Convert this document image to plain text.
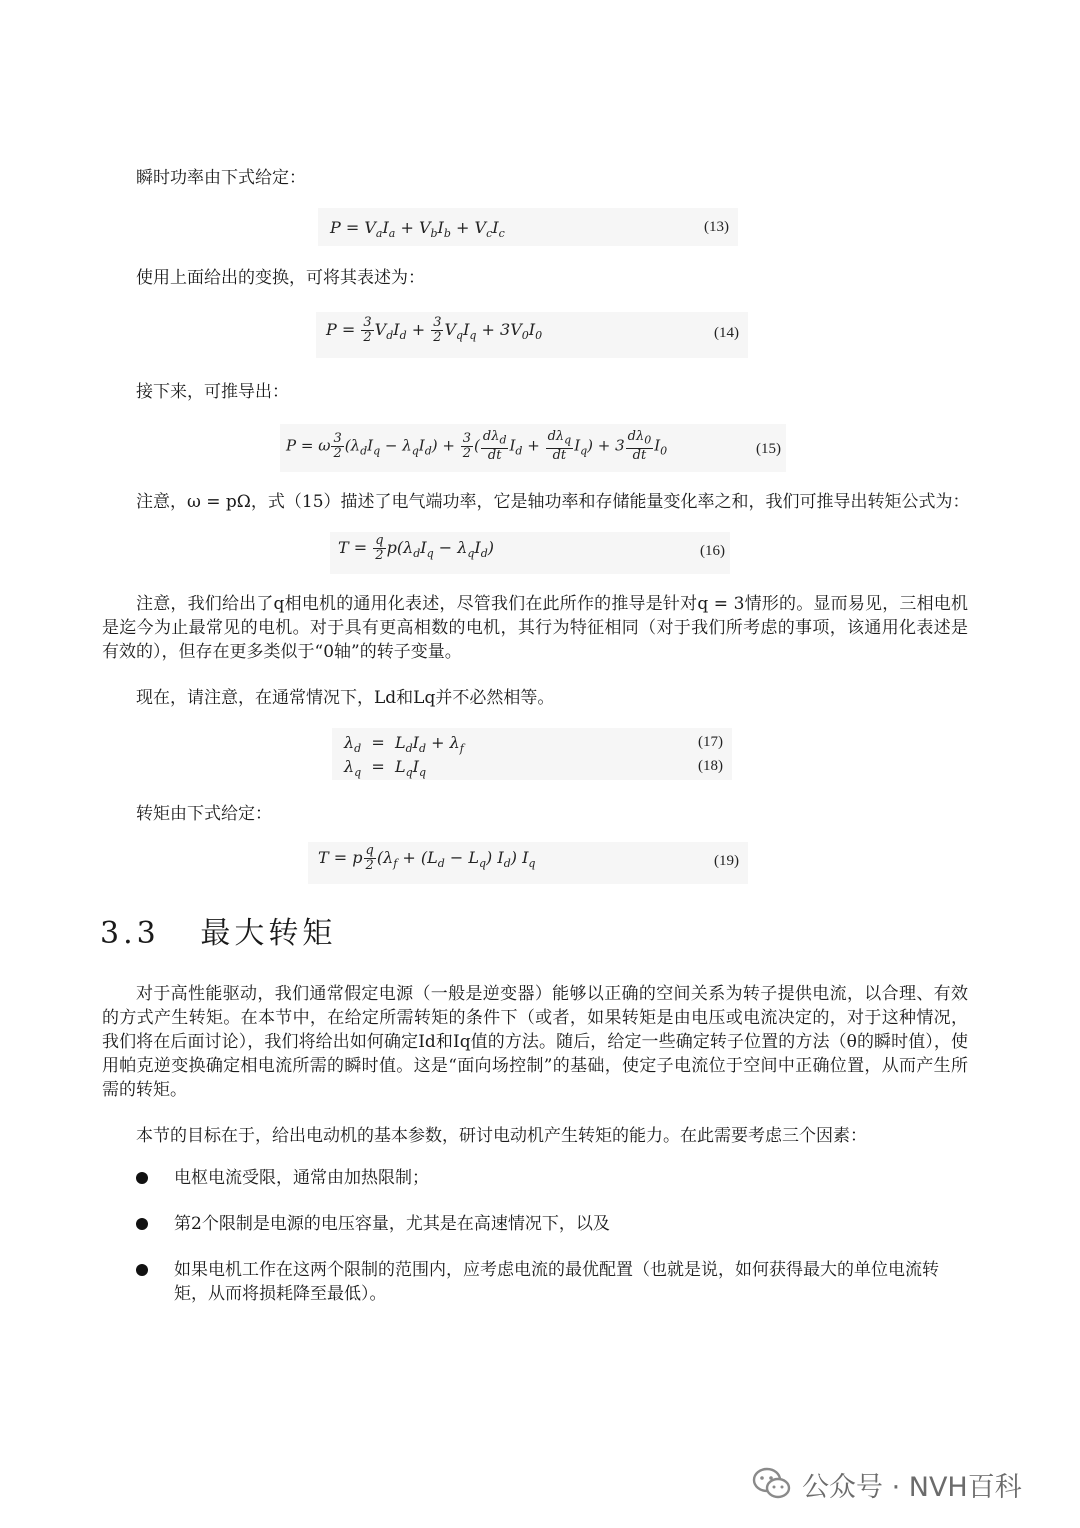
瞬时功率由下式给定：

$P = V_aI_a + V_bI_b + V_cI_c$	(13)

使用上面给出的变换，可将其表述为：

$P = \frac{3}{2} V_dI_d + \frac{3}{2} V_qI_q + 3V_0I_0$	(14)

接下来，可推导出：

P = ω $\frac{3}{2} (\lambda_dI_q - \lambda_qI_d) + \frac{3}{2}$ ( $\frac{d\lambda_d}{dt} I_d + \frac{d\lambda_q}{dt} I_q) + 3 \frac{d\lambda_0}{dt} I_0$	(15)

注意，ω = pΩ，式（15）描述了电气端功率，它是轴功率和存储能量变化率之和，我们可推导出转矩公式为：

$T = \frac{q}{2} p(\lambda_dI_q - \lambda_qI_d)$	(16)

注意，我们给出了q相电机的通用化表述，尽管我们在此所作的推导是针对q = 3情形的。显而易见，三相电机是迄今为止最常见的电机。对于具有更高相数的电机，其行为特征相同（对于我们所考虑的事项，该通用化表述是有效的），但存在更多类似于“0轴”的转子变量。

现在，请注意，在通常情况下，Ld和Lq并不必然相等。

$\lambda_d = L_dI_d + \lambda_f$	(17)
$\lambda_q = L_qI_q$	(18)

转矩由下式给定：

T = p $\frac{q}{2} (\lambda_f + (L_d - L_q)$ $I_d$) $I_q$	(19)
3.3 最大转矩

对于高性能驱动，我们通常假定电源（一般是逆变器）能够以正确的空间关系为转子提供电流，以合理、有效的方式产生转矩。在本节中，在给定所需转矩的条件下（或者，如果转矩是由电压或电流决定的，对于这种情况，我们将在后面讨论），我们将给出如何确定Id和Iq值的方法。随后，给定一些确定转子位置的方法（θ的瞬时值），使用帕克逆变换确定相电流所需的瞬时值。这是“面向场控制”的基础，使定子电流位于空间中正确位置，从而产生所需的转矩。

本节的目标在于，给出电动机的基本参数，研讨电动机产生转矩的能力。在此需要考虑三个因素：

电枢电流受限，通常由加热限制；
第2个限制是电源的电压容量，尤其是在高速情况下，以及
如果电机工作在这两个限制的范围内，应考虑电流的最优配置（也就是说，如何获得最大的单位电流转矩，从而将损耗降至最低）。
公众号 · NVH百科
